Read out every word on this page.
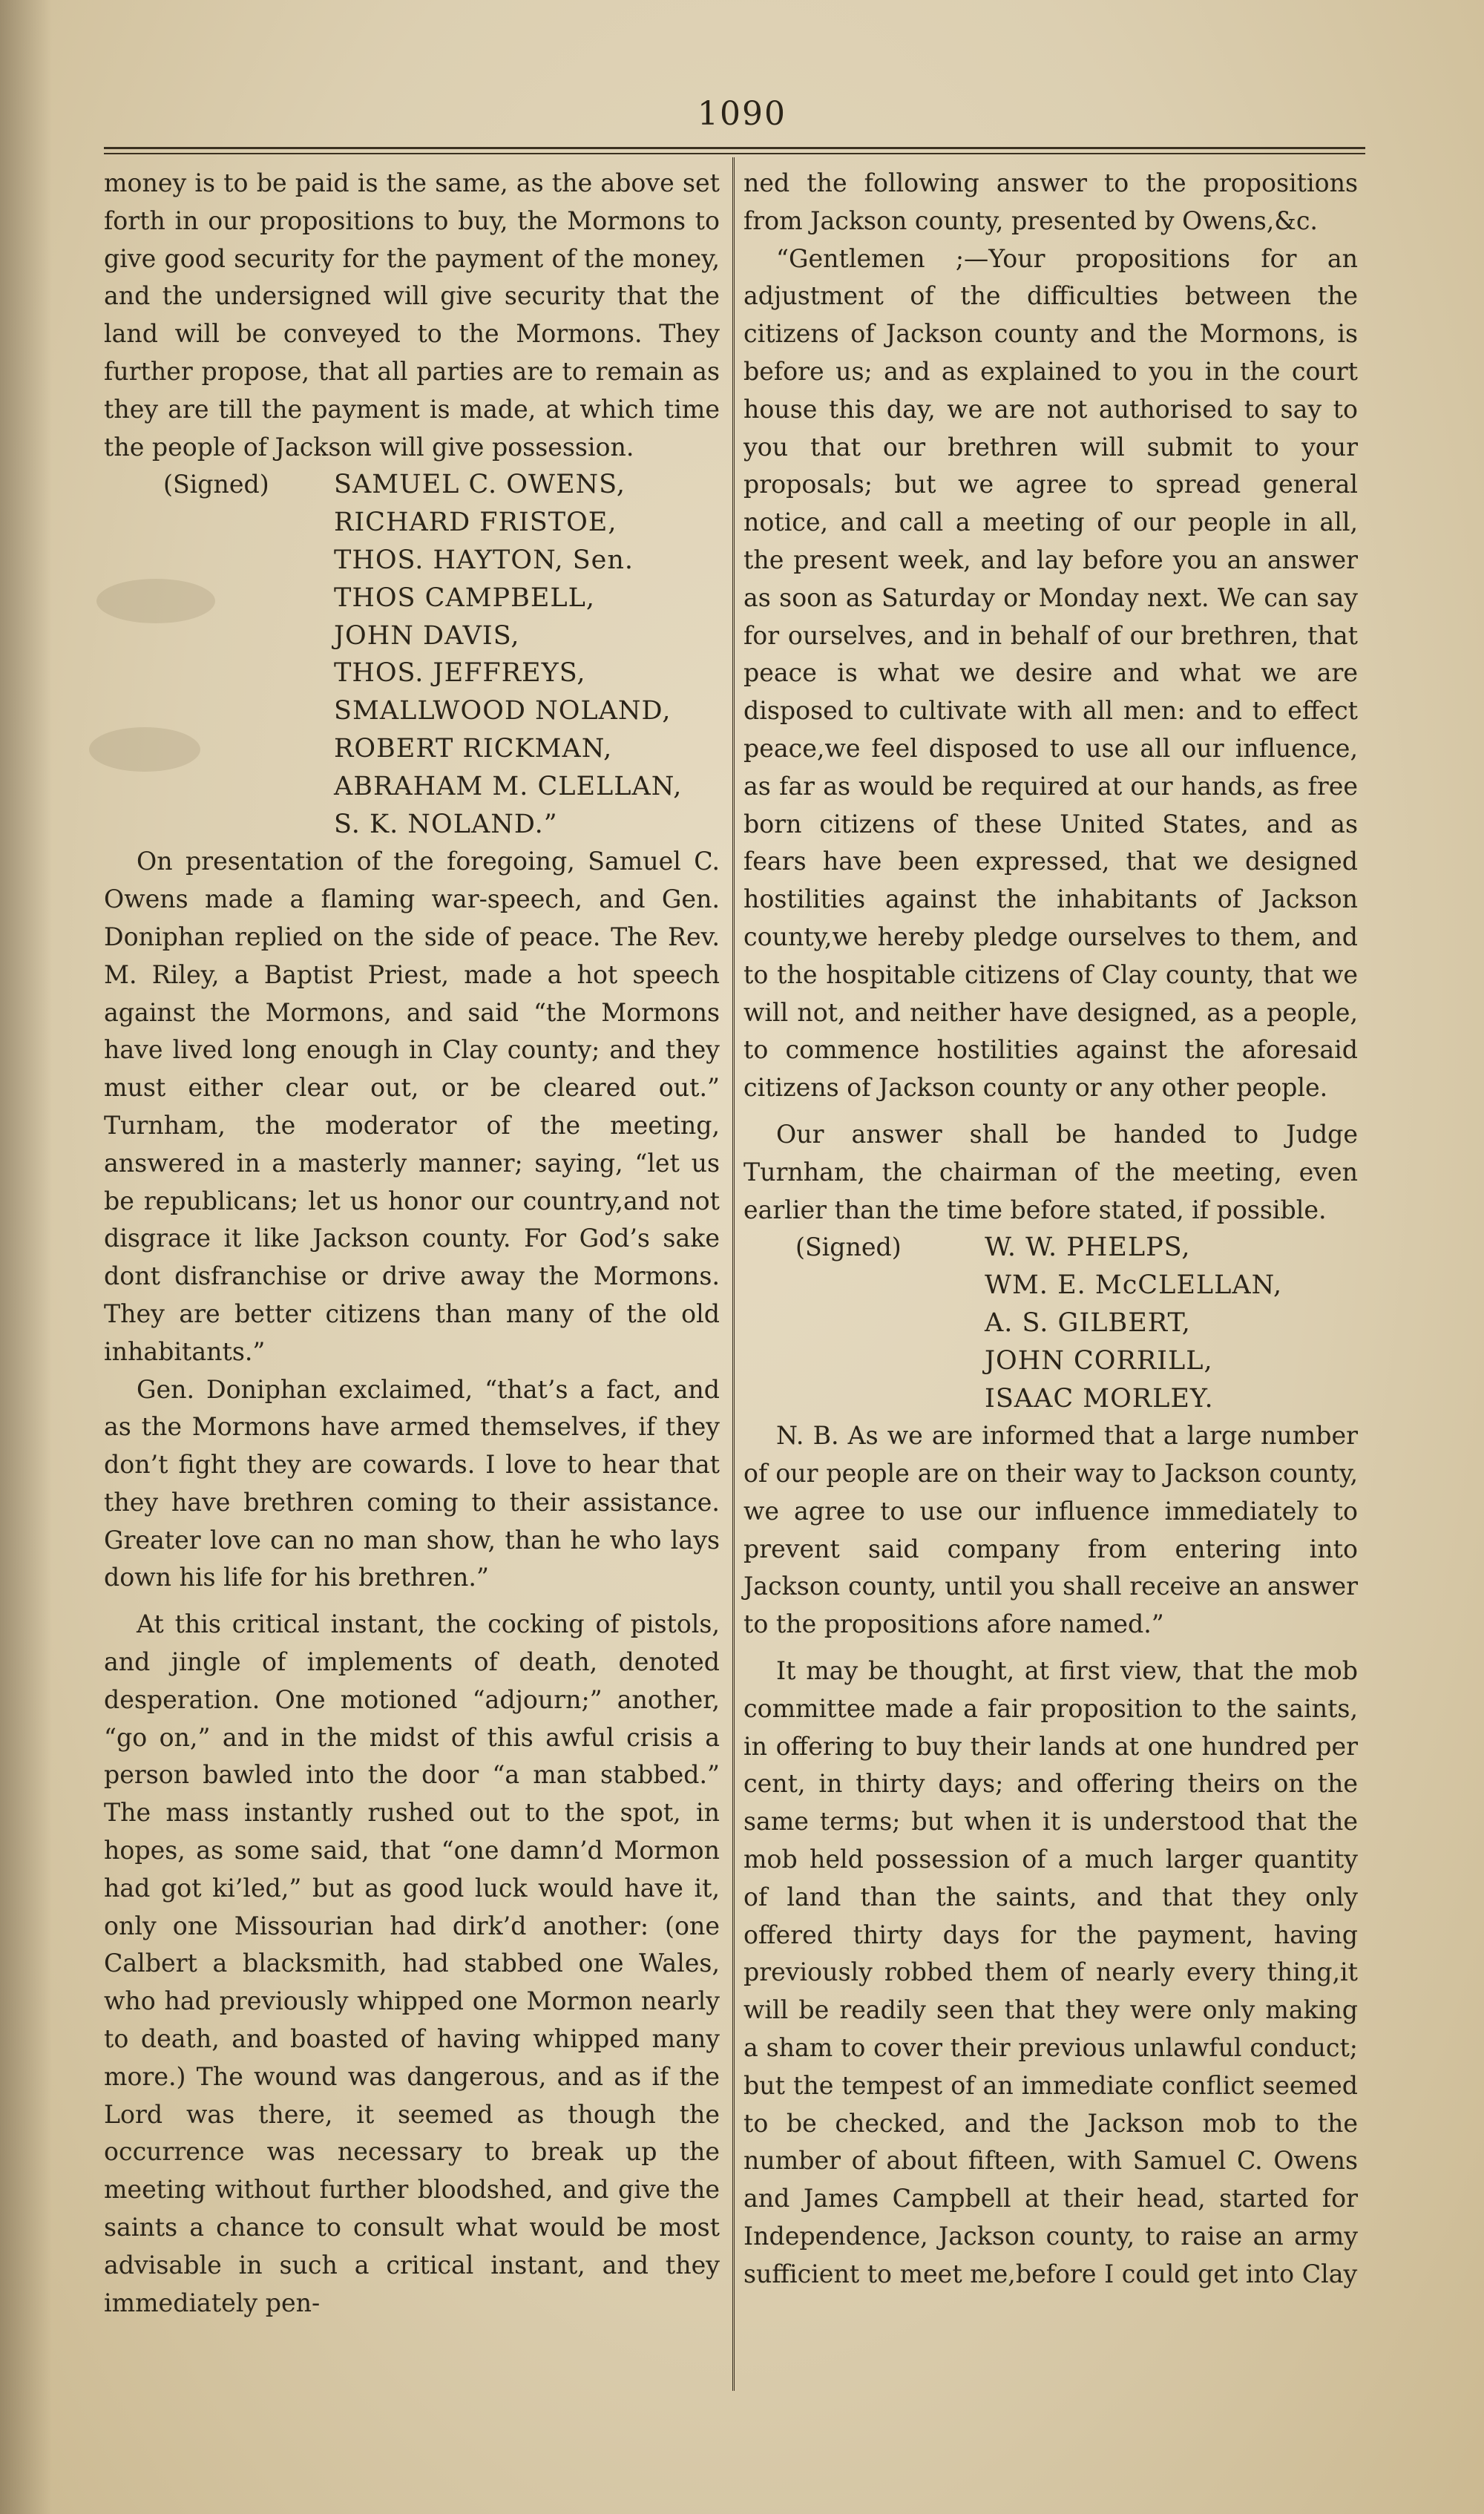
1090

money is to be paid is the same, as the above set forth in our propositions to buy, the Mormons to give good security for the payment of the money, and the undersigned will give security that the land will be conveyed to the Mormons. They further propose, that all parties are to remain as they are till the payment is made, at which time the people of Jackson will give possession.

(Signed) SAMUEL C. OWENS,
RICHARD FRISTOE,
THOS. HAYTON, Sen.
THOS CAMPBELL,
JOHN DAVIS,
THOS. JEFFREYS,
SMALLWOOD NOLAND,
ROBERT RICKMAN,
ABRAHAM M. CLELLAN,
S. K. NOLAND.”

On presentation of the foregoing, Samuel C. Owens made a flaming war-speech, and Gen. Doniphan replied on the side of peace. The Rev. M. Riley, a Baptist Priest, made a hot speech against the Mormons, and said “the Mormons have lived long enough in Clay county; and they must either clear out, or be cleared out.” Turnham, the moderator of the meeting, answered in a masterly manner; saying, “let us be republicans; let us honor our country,and not disgrace it like Jackson county. For God’s sake dont disfranchise or drive away the Mormons. They are better citizens than many of the old inhabitants.”

Gen. Doniphan exclaimed, “that’s a fact, and as the Mormons have armed themselves, if they don’t fight they are cowards. I love to hear that they have brethren coming to their assistance. Greater love can no man show, than he who lays down his life for his brethren.”

At this critical instant, the cocking of pistols, and jingle of implements of death, denoted desperation. One motioned “adjourn;” another, “go on,” and in the midst of this awful crisis a person bawled into the door “a man stabbed.” The mass instantly rushed out to the spot, in hopes, as some said, that “one damn’d Mormon had got ki’led,” but as good luck would have it, only one Missourian had dirk’d another: (one Calbert a blacksmith, had stabbed one Wales, who had previously whipped one Mormon nearly to death, and boasted of having whipped many more.) The wound was dangerous, and as if the Lord was there, it seemed as though the occurrence was necessary to break up the meeting without further bloodshed, and give the saints a chance to consult what would be most advisable in such a critical instant, and they immediately pen-

ned the following answer to the propositions from Jackson county, presented by Owens,&c.

“Gentlemen ;—Your propositions for an adjustment of the difficulties between the citizens of Jackson county and the Mormons, is before us; and as explained to you in the court house this day, we are not authorised to say to you that our brethren will submit to your proposals; but we agree to spread general notice, and call a meeting of our people in all, the present week, and lay before you an answer as soon as Saturday or Monday next. We can say for ourselves, and in behalf of our brethren, that peace is what we desire and what we are disposed to cultivate with all men: and to effect peace,we feel disposed to use all our influence, as far as would be required at our hands, as free born citizens of these United States, and as fears have been expressed, that we designed hostilities against the inhabitants of Jackson county,we hereby pledge ourselves to them, and to the hospitable citizens of Clay county, that we will not, and neither have designed, as a people, to commence hostilities against the aforesaid citizens of Jackson county or any other people.

Our answer shall be handed to Judge Turnham, the chairman of the meeting, even earlier than the time before stated, if possible.

(Signed)	W. W. PHELPS,
WM. E. McCLELLAN,
A. S. GILBERT,
JOHN CORRILL,
ISAAC MORLEY.

N. B. As we are informed that a large number of our people are on their way to Jackson county, we agree to use our influence immediately to prevent said company from entering into Jackson county, until you shall receive an answer to the propositions afore named.”

It may be thought, at first view, that the mob committee made a fair proposition to the saints, in offering to buy their lands at one hundred per cent, in thirty days; and offering theirs on the same terms; but when it is understood that the mob held possession of a much larger quantity of land than the saints, and that they only offered thirty days for the payment, having previously robbed them of nearly every thing,it will be readily seen that they were only making a sham to cover their previous unlawful conduct; but the tempest of an immediate conflict seemed to be checked, and the Jackson mob to the number of about fifteen, with Samuel C. Owens and James Campbell at their head, started for Independence, Jackson county, to raise an army sufficient to meet me,before I could get into Clay
